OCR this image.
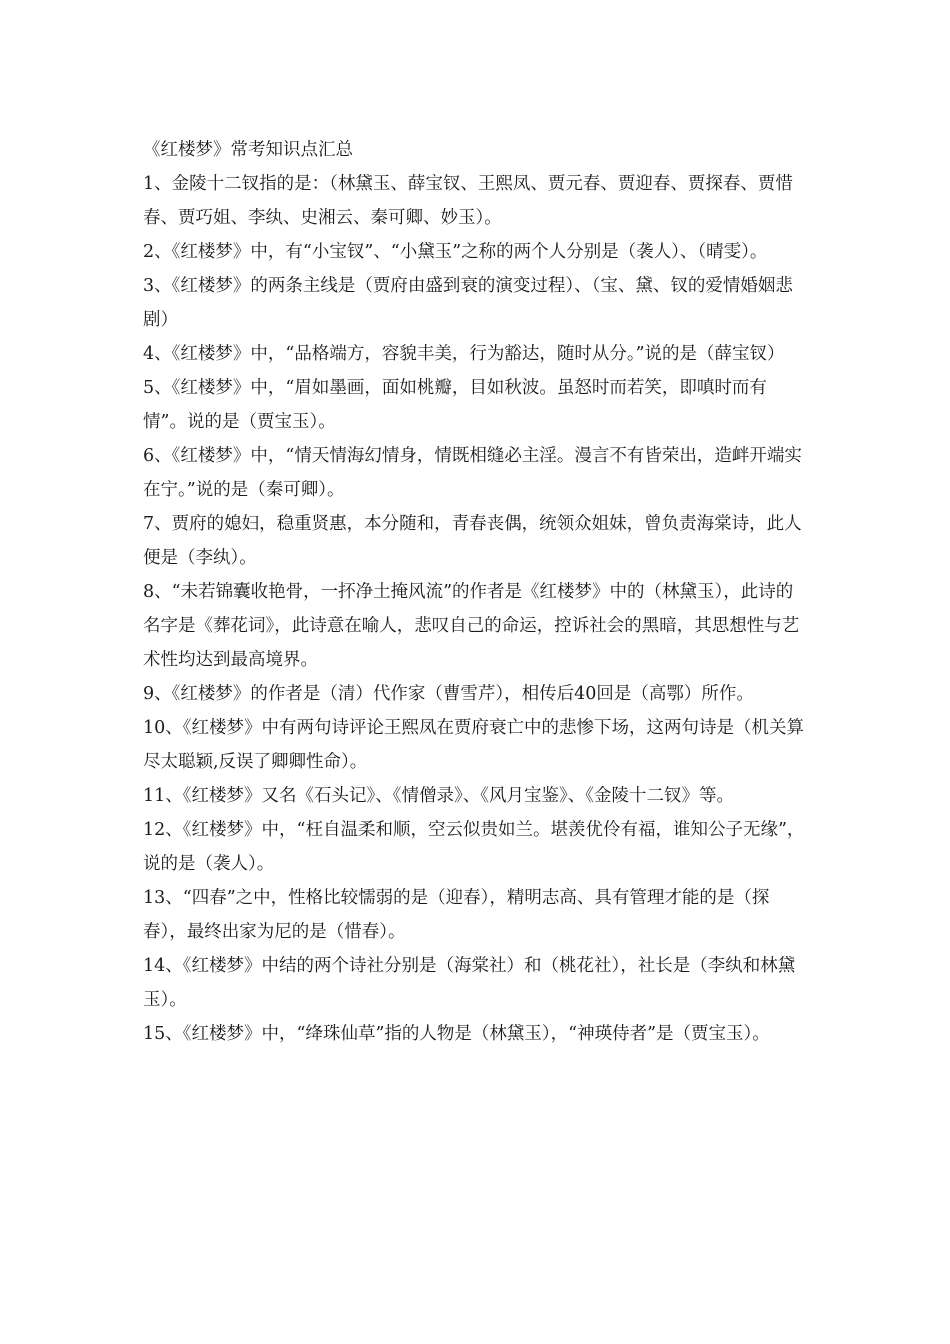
《红楼梦》常考知识点汇总

1、金陵十二钗指的是：（林黛玉、薛宝钗、王熙凤、贾元春、贾迎春、贾探春、贾惜春、贾巧姐、李纨、史湘云、秦可卿、妙玉）。

2、《红楼梦》中，有“小宝钗”、“小黛玉”之称的两个人分别是（袭人）、（晴雯）。

3、《红楼梦》的两条主线是（贾府由盛到衰的演变过程）、（宝、黛、钗的爱情婚姻悲剧）

4、《红楼梦》中，“品格端方，容貌丰美，行为豁达，随时从分。”说的是（薛宝钗）

5、《红楼梦》中，“眉如墨画，面如桃瓣，目如秋波。虽怒时而若笑，即嗔时而有情”。说的是（贾宝玉）。

6、《红楼梦》中，“情天情海幻情身，情既相缝必主淫。漫言不有皆荣出，造衅开端实在宁。”说的是（秦可卿）。

7、贾府的媳妇，稳重贤惠，本分随和，青春丧偶，统领众姐妹，曾负责海棠诗，此人便是（李纨）。

8、“未若锦囊收艳骨，一抔净土掩风流”的作者是《红楼梦》中的（林黛玉），此诗的名字是《葬花词》，此诗意在喻人，悲叹自己的命运，控诉社会的黑暗，其思想性与艺术性均达到最高境界。

9、《红楼梦》的作者是（清）代作家（曹雪芹），相传后40回是（高鄂）所作。

10、《红楼梦》中有两句诗评论王熙凤在贾府衰亡中的悲惨下场，这两句诗是（机关算尽太聪颖,反误了卿卿性命）。

11、《红楼梦》又名《石头记》、《情僧录》、《风月宝鉴》、《金陵十二钗》等。

12、《红楼梦》中，“枉自温柔和顺，空云似贵如兰。堪羡优伶有福，谁知公子无缘”，说的是（袭人）。

13、“四春”之中，性格比较懦弱的是（迎春），精明志高、具有管理才能的是（探春），最终出家为尼的是（惜春）。

14、《红楼梦》中结的两个诗社分别是（海棠社）和（桃花社），社长是（李纨和林黛玉）。

15、《红楼梦》中，“绛珠仙草”指的人物是（林黛玉），“神瑛侍者”是（贾宝玉）。
